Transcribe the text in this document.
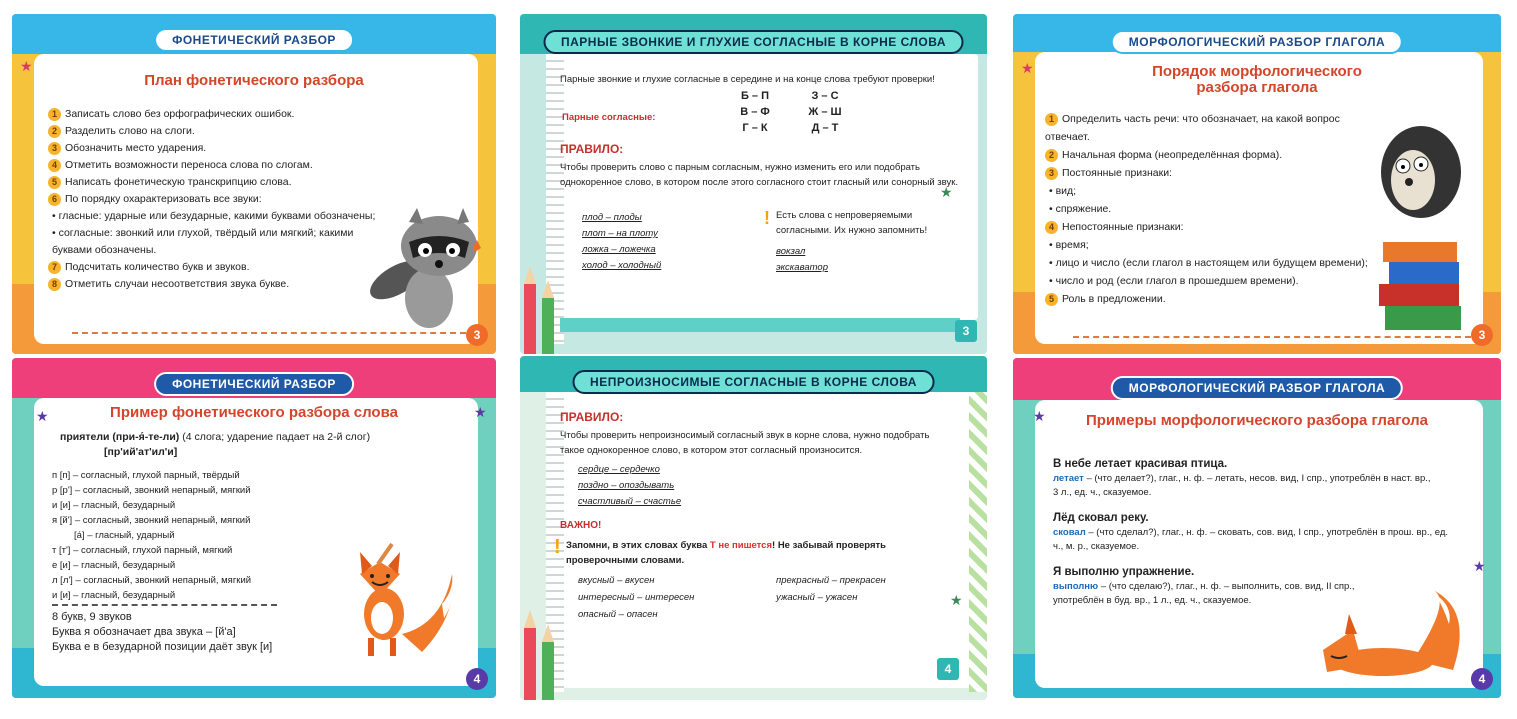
ФОНЕТИЧЕСКИЙ РАЗБОР
План фонетического разбора
1 Записать слово без орфографических ошибок.
2 Разделить слово на слоги.
3 Обозначить место ударения.
4 Отметить возможности переноса слова по слогам.
5 Написать фонетическую транскрипцию слова.
6 По порядку охарактеризовать все звуки:
• гласные: ударные или безударные, какими буквами обозначены;
• согласные: звонкий или глухой, твёрдый или мягкий; какими
буквами обозначены.
7 Подсчитать количество букв и звуков.
8 Отметить случаи несоответствия звука букве.
3
★
ФОНЕТИЧЕСКИЙ РАЗБОР
Пример фонетического разбора слова
приятели (при-я́-те-ли) (4 слога; ударение падает на 2-й слог)
[пр'ий'ат'ил'и]
п [п] – согласный, глухой парный, твёрдый
р [р'] – согласный, звонкий непарный, мягкий
и [и] – гласный, безударный
я [й'] – согласный, звонкий непарный, мягкий
[а́] – гласный, ударный
т [т'] – согласный, глухой парный, мягкий
е [и] – гласный, безударный
л [л'] – согласный, звонкий непарный, мягкий
и [и] – гласный, безударный
8 букв, 9 звуков
Буква я обозначает два звука – [й'а]
Буква е в безударной позиции даёт звук [и]
4
★	★
ПАРНЫЕ ЗВОНКИЕ И ГЛУХИЕ СОГЛАСНЫЕ В КОРНЕ СЛОВА
Парные звонкие и глухие согласные в середине и на конце слова требуют проверки!
Парные согласные:
Б – П	З – С
В – Ф	Ж – Ш
Г – К	Д – Т
ПРАВИЛО:
Чтобы проверить слово с парным согласным, нужно изменить его или подобрать однокоренное слово, в котором после этого согласного стоит гласный или сонорный звук.
плод – плоды
плот – на плоту
ложка – ложечка
холод – холодный
! Есть слова с непроверяемыми согласными. Их нужно запомнить!
вокзал
экскаватор
3
★
НЕПРОИЗНОСИМЫЕ СОГЛАСНЫЕ В КОРНЕ СЛОВА
ПРАВИЛО:
Чтобы проверить непроизносимый согласный звук в корне слова, нужно подобрать такое однокоренное слово, в котором этот согласный произносится.
сердце – сердечко
поздно – опоздывать
счастливый – счастье
ВАЖНО!
! Запомни, в этих словах буква Т не пишется! Не забывай проверять проверочными словами.
вкусный – вкусен
интересный – интересен
опасный – опасен
прекрасный – прекрасен
ужасный – ужасен
4
★
МОРФОЛОГИЧЕСКИЙ РАЗБОР ГЛАГОЛА
Порядок морфологического разбора глагола
1 Определить часть речи: что обозначает, на какой вопрос отвечает.
2 Начальная форма (неопределённая форма).
3 Постоянные признаки:
• вид;
• спряжение.
4 Непостоянные признаки:
• время;
• лицо и число (если глагол в настоящем или будущем времени);
• число и род (если глагол в прошедшем времени).
5 Роль в предложении.
3
★
МОРФОЛОГИЧЕСКИЙ РАЗБОР ГЛАГОЛА
Примеры морфологического разбора глагола
В небе летает красивая птица.
летает – (что делает?), глаг., н. ф. – летать, несов. вид, I спр., употреблён в наст. вр., 3 л., ед. ч., сказуемое.
Лёд сковал реку.
сковал – (что сделал?), глаг., н. ф. – сковать, сов. вид, I спр., употреблён в прош. вр., ед. ч., м. р., сказуемое.
Я выполню упражнение.
выполню – (что сделаю?), глаг., н. ф. – выполнить, сов. вид, II спр., употреблён в буд. вр., 1 л., ед. ч., сказуемое.
4
★
★
